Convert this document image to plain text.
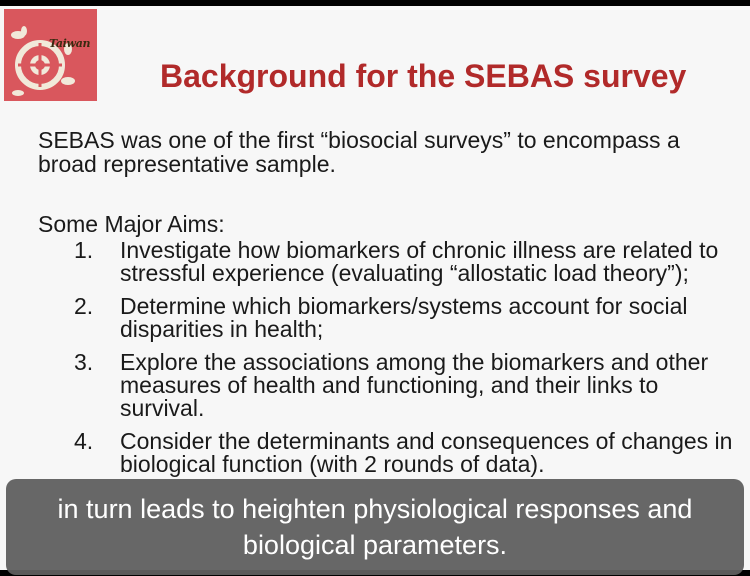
Taiwan
Background for the SEBAS survey
SEBAS was one of the first “biosocial surveys” to encompass a broad representative sample.
Some Major Aims:
1. Investigate how biomarkers of chronic illness are related to stressful experience (evaluating “allostatic load theory”);
2. Determine which biomarkers/systems account for social disparities in health;
3. Explore the associations among the biomarkers and other measures of health and functioning, and their links to survival.
4. Consider the determinants and consequences of changes in biological function (with 2 rounds of data).
in turn leads to heighten physiological responses and biological parameters.
